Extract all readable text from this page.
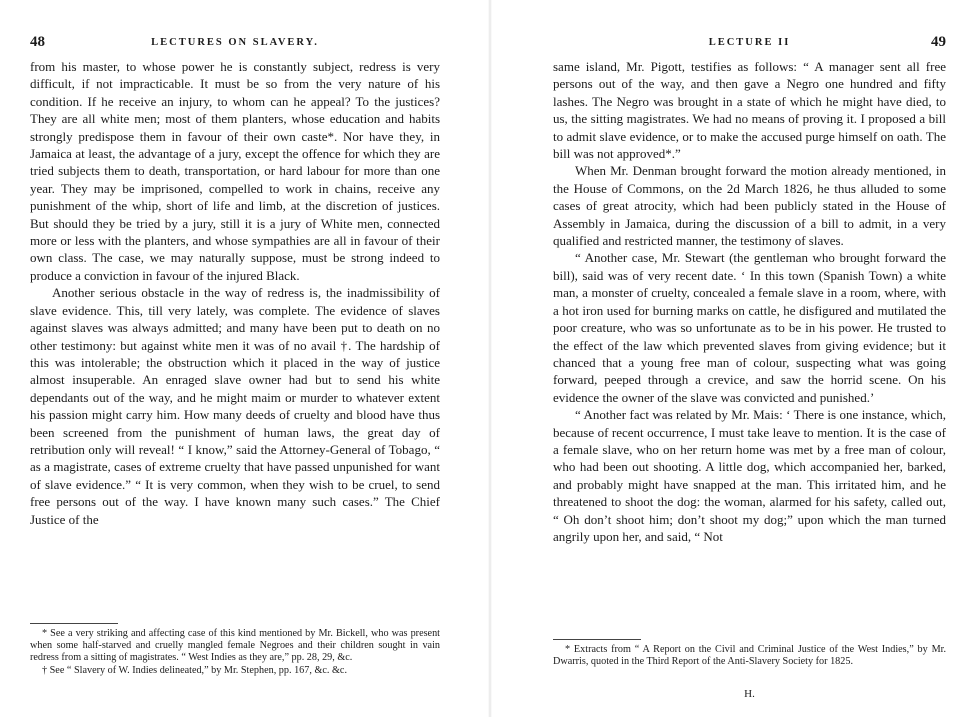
48	LECTURES ON SLAVERY.

from his master, to whose power he is constantly subject, redress is very difficult, if not impracticable. It must be so from the very nature of his condition. If he receive an injury, to whom can he appeal? To the justices? They are all white men; most of them planters, whose education and habits strongly predispose them in favour of their own caste*. Nor have they, in Jamaica at least, the advantage of a jury, except the offence for which they are tried subjects them to death, transportation, or hard labour for more than one year. They may be imprisoned, compelled to work in chains, receive any punishment of the whip, short of life and limb, at the discretion of justices. But should they be tried by a jury, still it is a jury of White men, connected more or less with the planters, and whose sympathies are all in favour of their own class. The case, we may naturally suppose, must be strong indeed to produce a conviction in favour of the injured Black.

Another serious obstacle in the way of redress is, the inadmissibility of slave evidence. This, till very lately, was complete. The evidence of slaves against slaves was always admitted; and many have been put to death on no other testimony: but against white men it was of no avail †. The hardship of this was intolerable; the obstruction which it placed in the way of justice almost insuperable. An enraged slave owner had but to send his white dependants out of the way, and he might maim or murder to whatever extent his passion might carry him. How many deeds of cruelty and blood have thus been screened from the punishment of human laws, the great day of retribution only will reveal! “ I know,” said the Attorney-General of Tobago, “ as a magistrate, cases of extreme cruelty that have passed unpunished for want of slave evidence.” “ It is very common, when they wish to be cruel, to send free persons out of the way. I have known many such cases.” The Chief Justice of the

* See a very striking and affecting case of this kind mentioned by Mr. Bickell, who was present when some half-starved and cruelly mangled female Negroes and their children sought in vain redress from a sitting of magistrates. “ West Indies as they are,” pp. 28, 29, &c.

† See “ Slavery of W. Indies delineated,” by Mr. Stephen, pp. 167, &c. &c.

LECTURE II	49

same island, Mr. Pigott, testifies as follows: “ A manager sent all free persons out of the way, and then gave a Negro one hundred and fifty lashes. The Negro was brought in a state of which he might have died, to us, the sitting magistrates. We had no means of proving it. I proposed a bill to admit slave evidence, or to make the accused purge himself on oath. The bill was not approved*.”

When Mr. Denman brought forward the motion already mentioned, in the House of Commons, on the 2d March 1826, he thus alluded to some cases of great atrocity, which had been publicly stated in the House of Assembly in Jamaica, during the discussion of a bill to admit, in a very qualified and restricted manner, the testimony of slaves.

“ Another case, Mr. Stewart (the gentleman who brought forward the bill), said was of very recent date. ‘ In this town (Spanish Town) a white man, a monster of cruelty, concealed a female slave in a room, where, with a hot iron used for burning marks on cattle, he disfigured and mutilated the poor creature, who was so unfortunate as to be in his power. He trusted to the effect of the law which prevented slaves from giving evidence; but it chanced that a young free man of colour, suspecting what was going forward, peeped through a crevice, and saw the horrid scene. On his evidence the owner of the slave was convicted and punished.’

“ Another fact was related by Mr. Mais: ‘ There is one instance, which, because of recent occurrence, I must take leave to mention. It is the case of a female slave, who on her return home was met by a free man of colour, who had been out shooting. A little dog, which accompanied her, barked, and probably might have snapped at the man. This irritated him, and he threatened to shoot the dog: the woman, alarmed for his safety, called out, “ Oh don’t shoot him; don’t shoot my dog;” upon which the man turned angrily upon her, and said, “ Not

* Extracts from “ A Report on the Civil and Criminal Justice of the West Indies,” by Mr. Dwarris, quoted in the Third Report of the Anti-Slavery Society for 1825.

H.
